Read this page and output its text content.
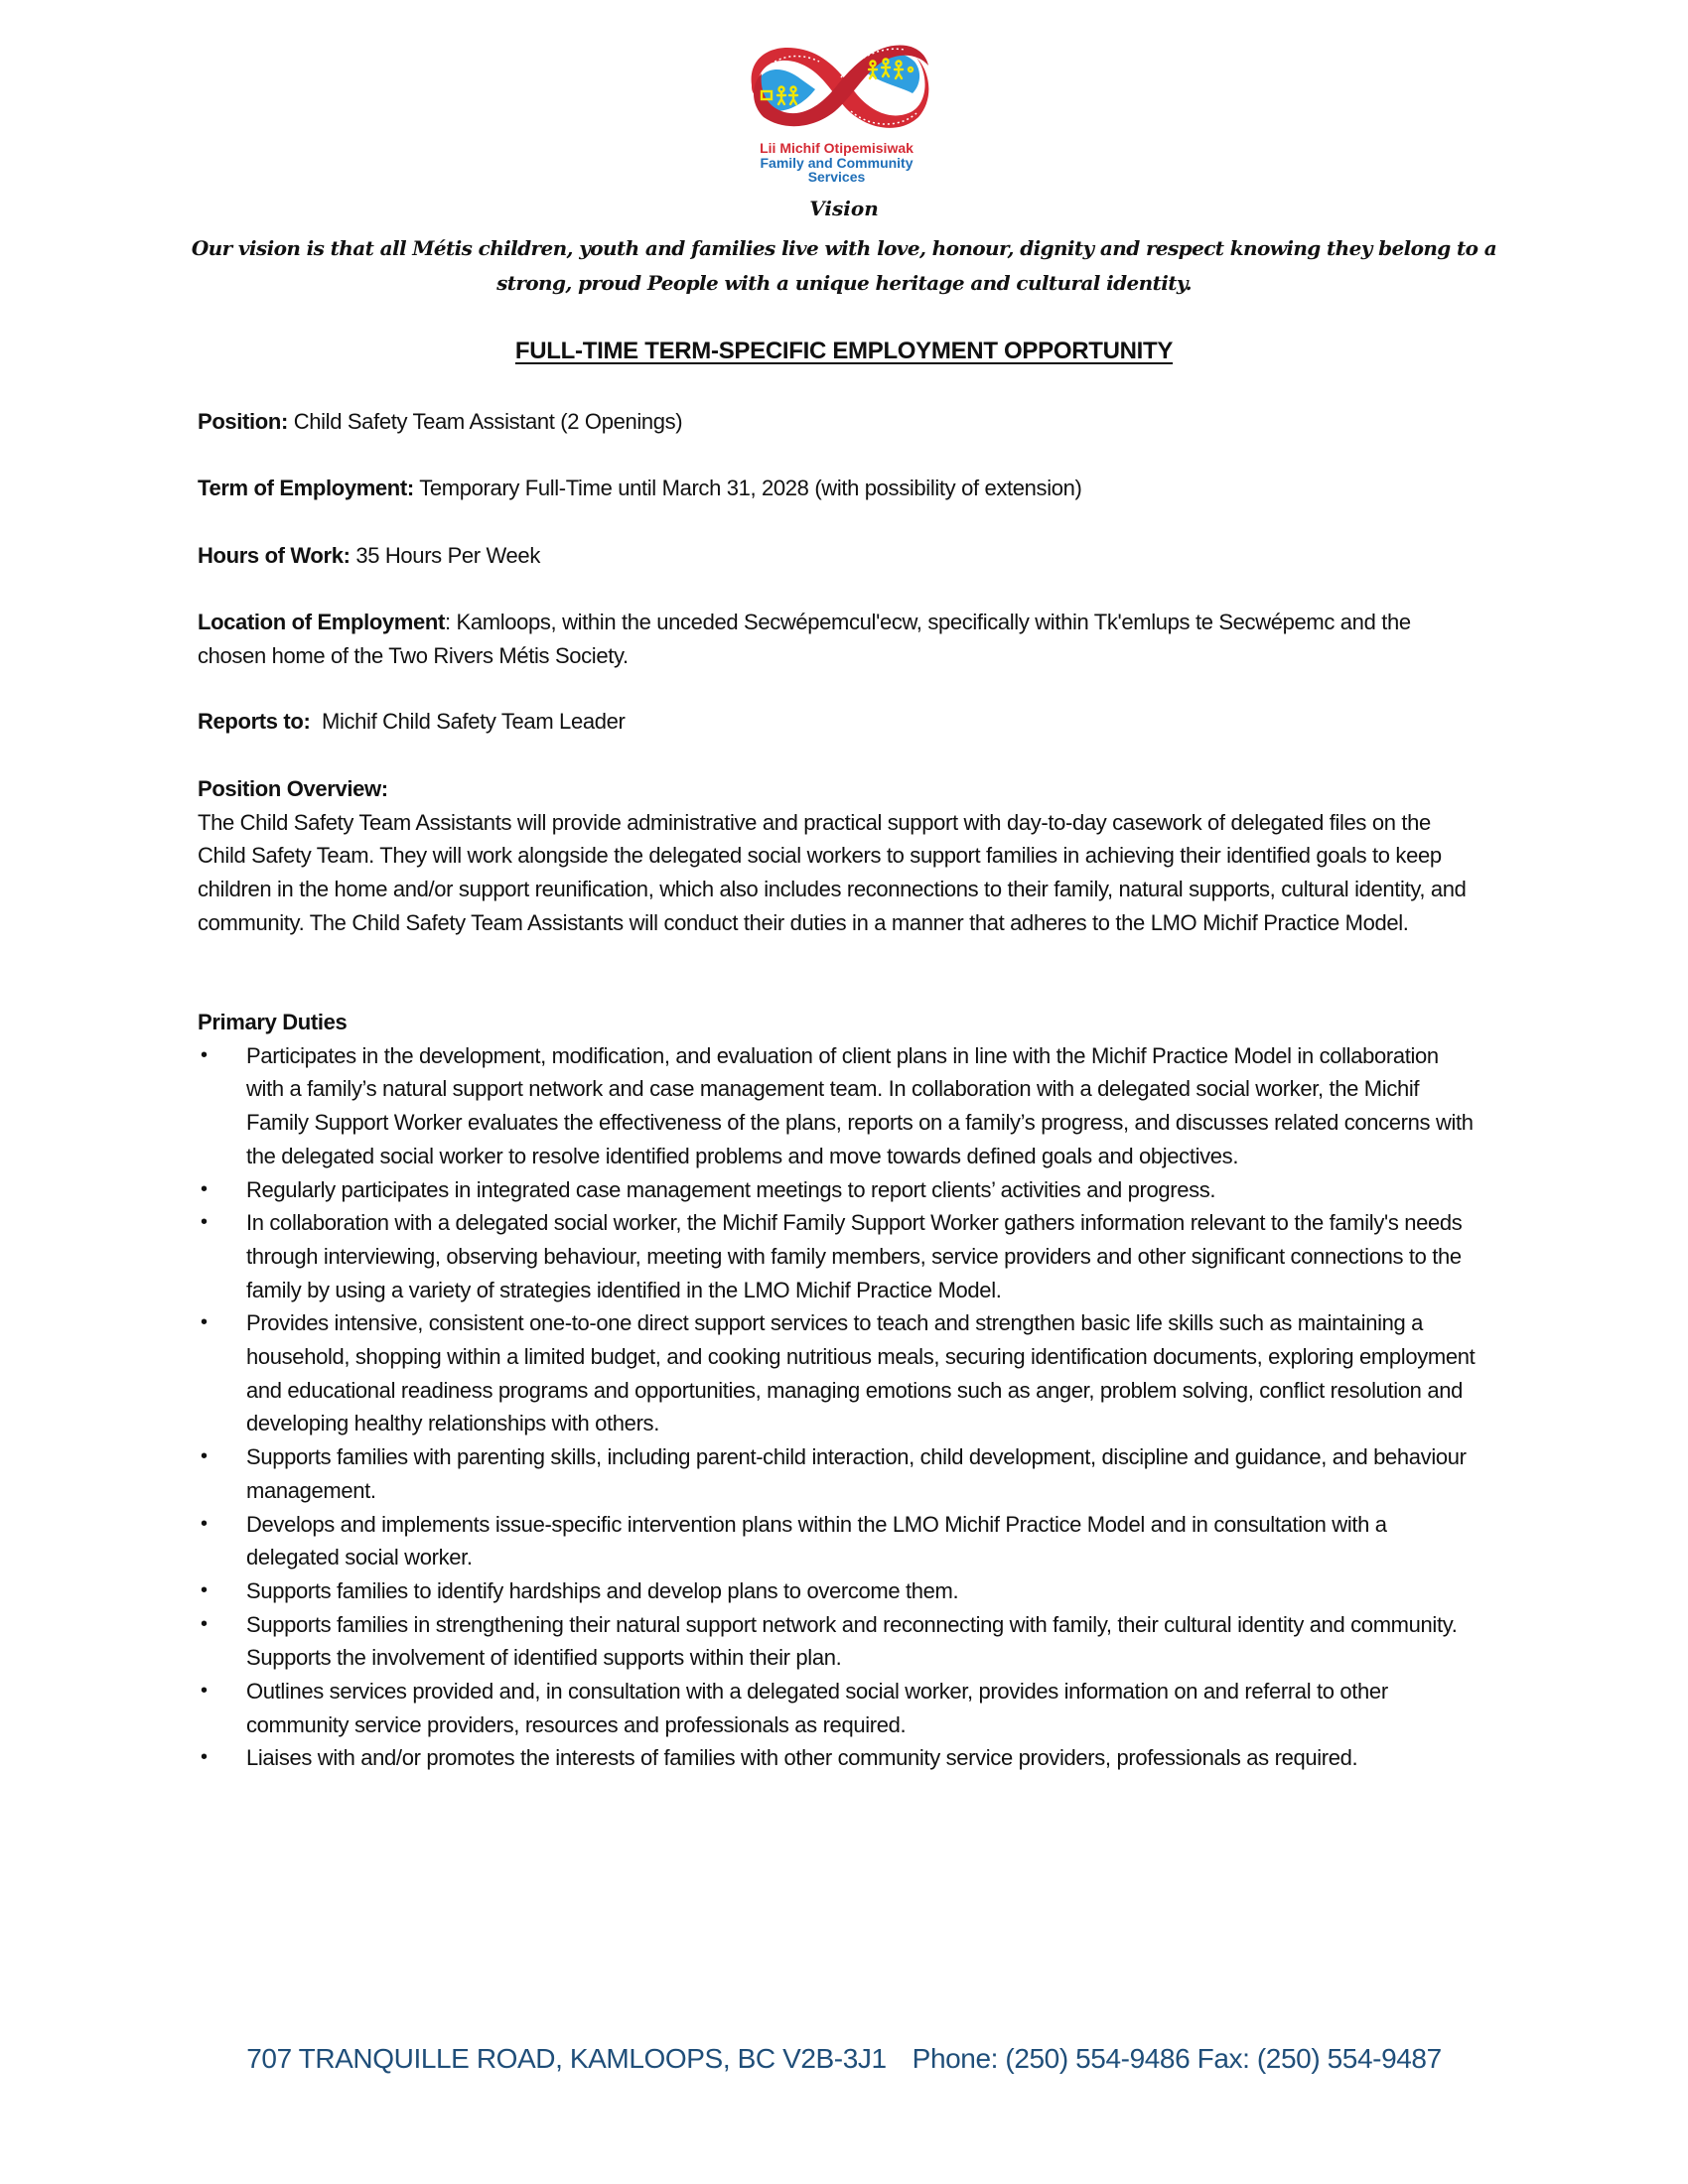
Lii Michif Otipemisiwak
Family and Community
Services
Vision
Our vision is that all Métis children, youth and families live with love, honour, dignity and respect knowing they belong to a strong, proud People with a unique heritage and cultural identity.
FULL-TIME TERM-SPECIFIC EMPLOYMENT OPPORTUNITY
Position: Child Safety Team Assistant (2 Openings)
Term of Employment: Temporary Full-Time until March 31, 2028 (with possibility of extension)
Hours of Work: 35 Hours Per Week
Location of Employment: Kamloops, within the unceded Secwépemcul'ecw, specifically within Tk'emlups te Secwépemc and the chosen home of the Two Rivers Métis Society.
Reports to:  Michif Child Safety Team Leader
Position Overview:
The Child Safety Team Assistants will provide administrative and practical support with day-to-day casework of delegated files on the Child Safety Team. They will work alongside the delegated social workers to support families in achieving their identified goals to keep children in the home and/or support reunification, which also includes reconnections to their family, natural supports, cultural identity, and community. The Child Safety Team Assistants will conduct their duties in a manner that adheres to the LMO Michif Practice Model.
Primary Duties
• Participates in the development, modification, and evaluation of client plans in line with the Michif Practice Model in collaboration with a family’s natural support network and case management team. In collaboration with a delegated social worker, the Michif Family Support Worker evaluates the effectiveness of the plans, reports on a family’s progress, and discusses related concerns with the delegated social worker to resolve identified problems and move towards defined goals and objectives.
• Regularly participates in integrated case management meetings to report clients’ activities and progress.
• In collaboration with a delegated social worker, the Michif Family Support Worker gathers information relevant to the family's needs through interviewing, observing behaviour, meeting with family members, service providers and other significant connections to the family by using a variety of strategies identified in the LMO Michif Practice Model.
• Provides intensive, consistent one-to-one direct support services to teach and strengthen basic life skills such as maintaining a household, shopping within a limited budget, and cooking nutritious meals, securing identification documents, exploring employment and educational readiness programs and opportunities, managing emotions such as anger, problem solving, conflict resolution and developing healthy relationships with others.
• Supports families with parenting skills, including parent-child interaction, child development, discipline and guidance, and behaviour management.
• Develops and implements issue-specific intervention plans within the LMO Michif Practice Model and in consultation with a delegated social worker.
• Supports families to identify hardships and develop plans to overcome them.
• Supports families in strengthening their natural support network and reconnecting with family, their cultural identity and community. Supports the involvement of identified supports within their plan.
• Outlines services provided and, in consultation with a delegated social worker, provides information on and referral to other community service providers, resources and professionals as required.
• Liaises with and/or promotes the interests of families with other community service providers, professionals as required.
707 TRANQUILLE ROAD, KAMLOOPS, BC V2B-3J1 Phone: (250) 554-9486 Fax: (250) 554-9487
